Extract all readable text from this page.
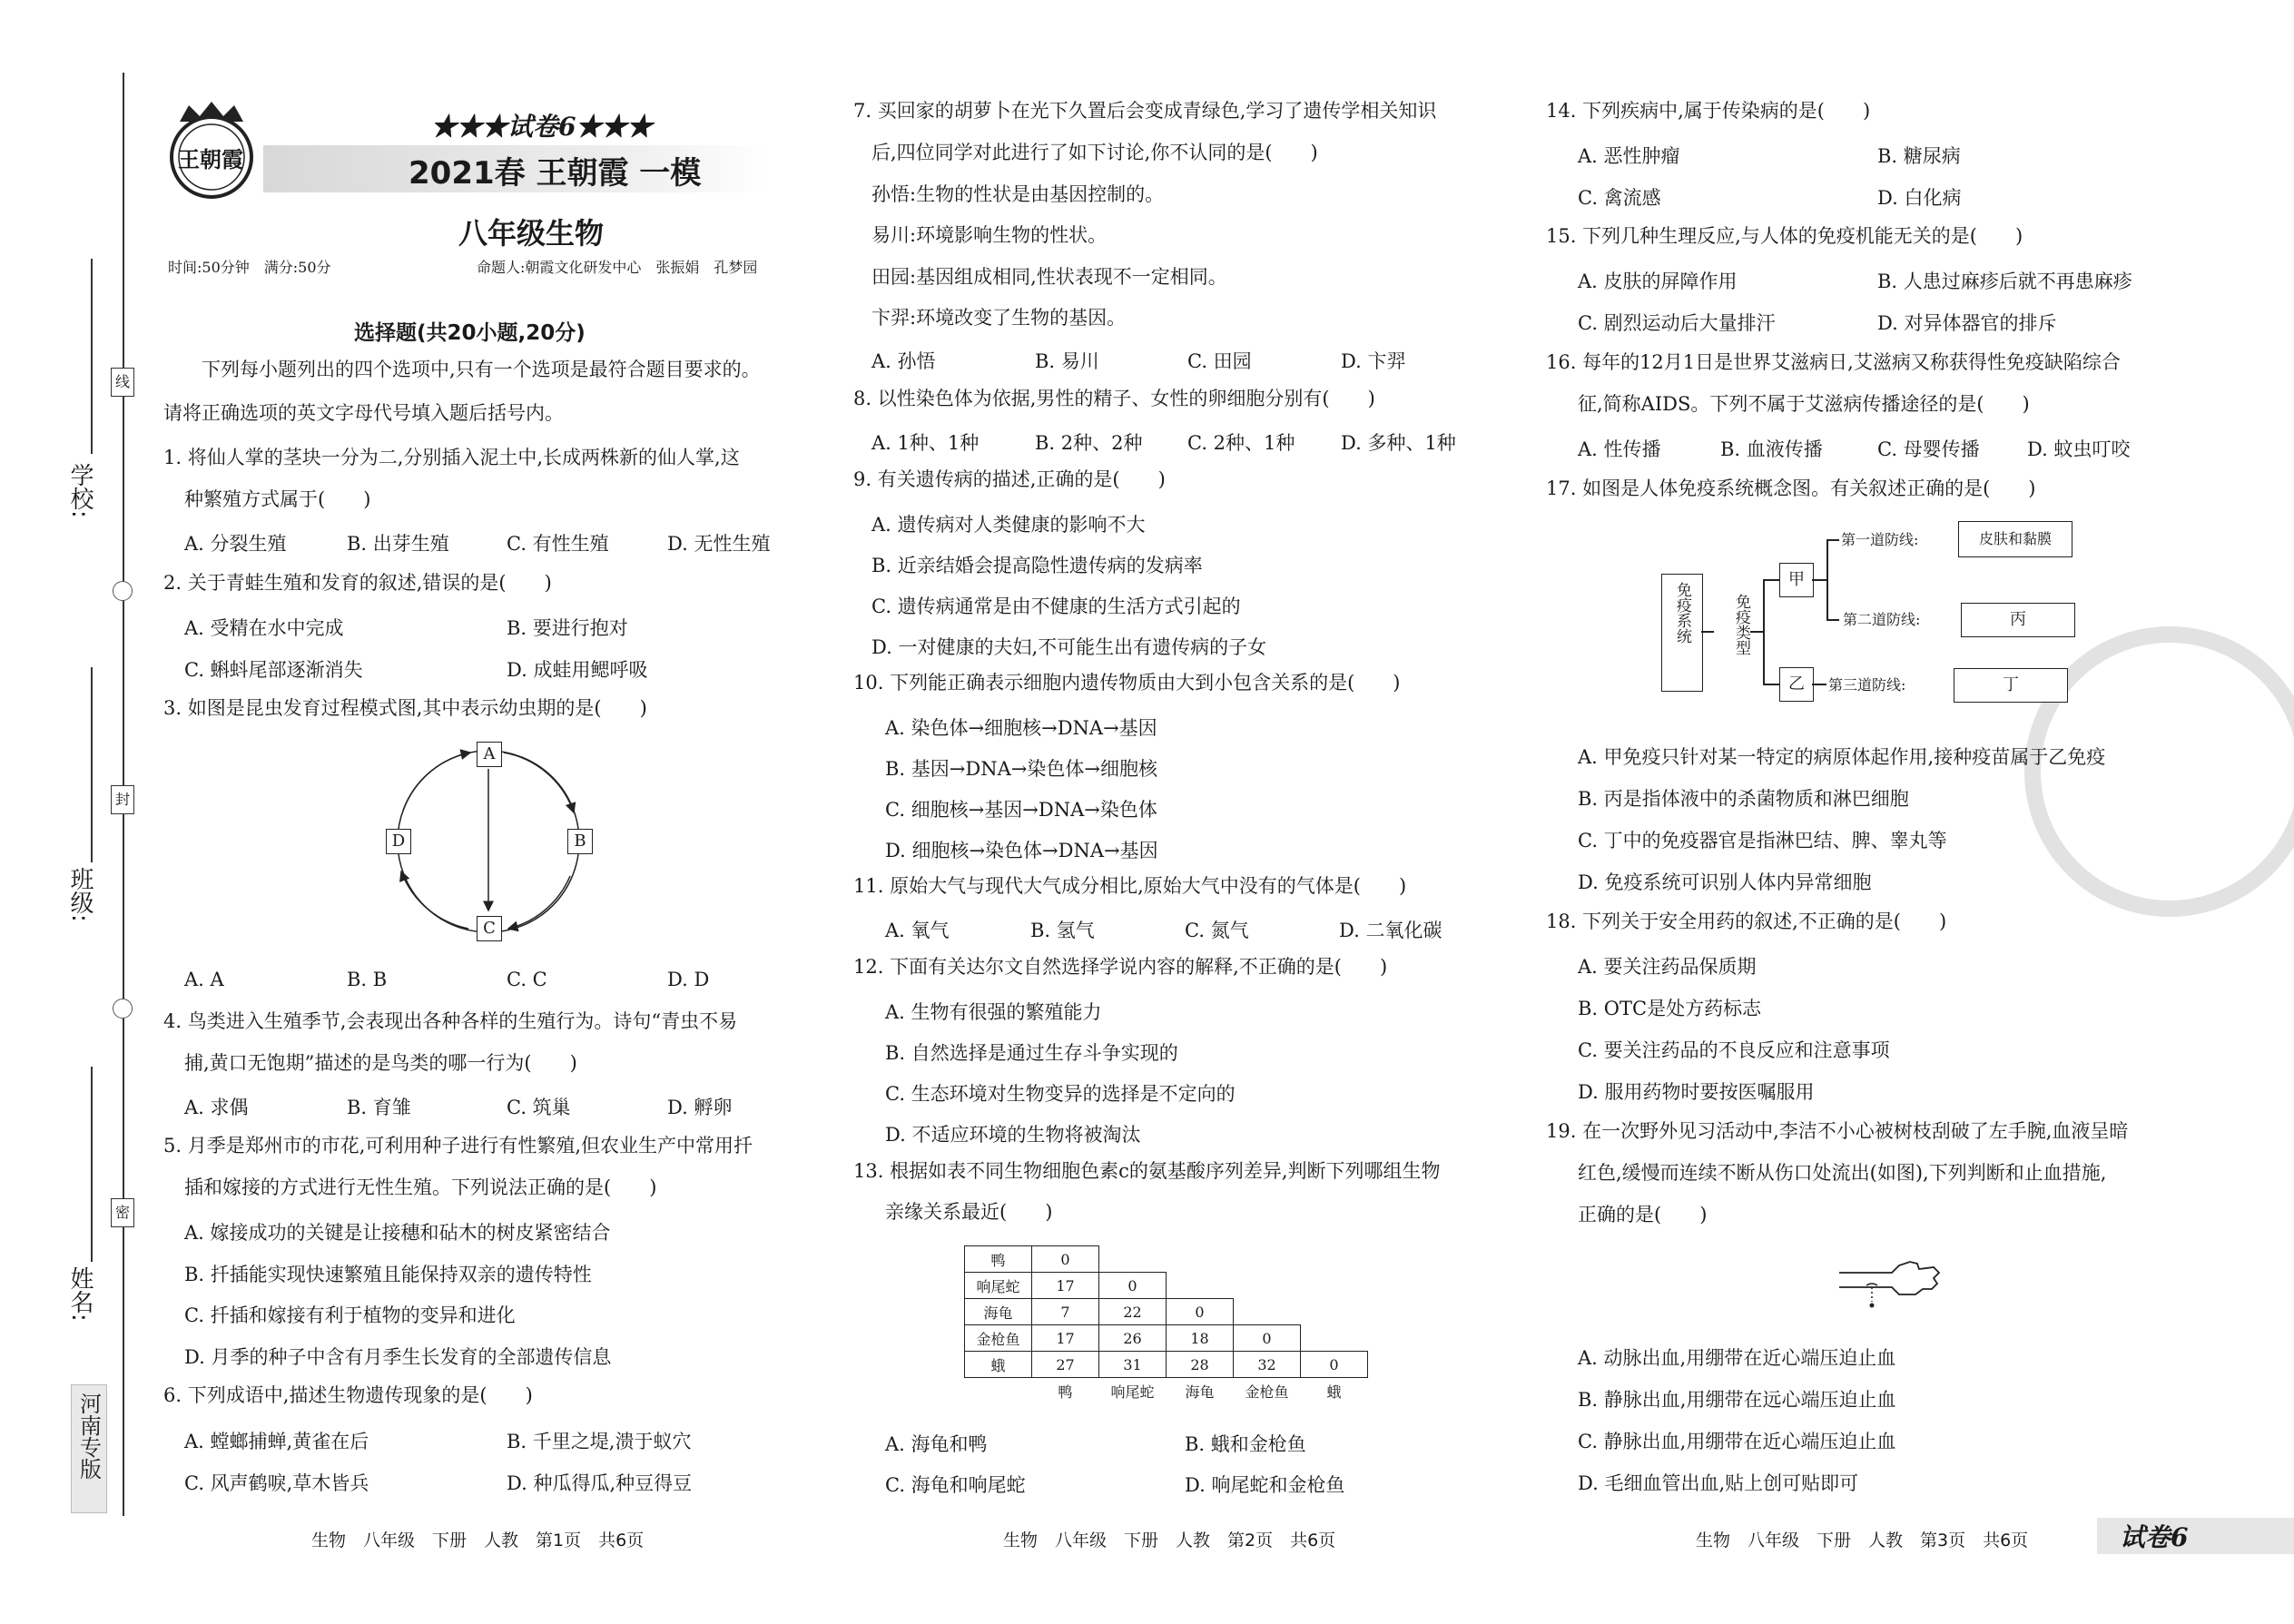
线
封
密
学校:
班级:
姓名:
河南专版
王朝霞
★★★试卷6★★★
2021春 王朝霞 一模
八年级生物
时间:50分钟　满分:50分	命题人:朝霞文化研发中心　张振娟　孔梦园
选择题(共20小题,20分)
　　下列每小题列出的四个选项中,只有一个选项是最符合题目要求的。
请将正确选项的英文字母代号填入题后括号内。
1. 将仙人掌的茎块一分为二,分别插入泥土中,长成两株新的仙人掌,这
种繁殖方式属于(　　)
A. 分裂生殖	B. 出芽生殖	C. 有性生殖	D. 无性生殖
2. 关于青蛙生殖和发育的叙述,错误的是(　　)
A. 受精在水中完成	B. 要进行抱对
C. 蝌蚪尾部逐渐消失	D. 成蛙用鳃呼吸
3. 如图是昆虫发育过程模式图,其中表示幼虫期的是(　　)
A
B
C
D
A. A	B. B	C. C	D. D
4. 鸟类进入生殖季节,会表现出各种各样的生殖行为。诗句“青虫不易
捕,黄口无饱期”描述的是鸟类的哪一行为(　　)
A. 求偶	B. 育雏	C. 筑巢	D. 孵卵
5. 月季是郑州市的市花,可利用种子进行有性繁殖,但农业生产中常用扦
插和嫁接的方式进行无性生殖。下列说法正确的是(　　)
A. 嫁接成功的关键是让接穗和砧木的树皮紧密结合
B. 扦插能实现快速繁殖且能保持双亲的遗传特性
C. 扦插和嫁接有利于植物的变异和进化
D. 月季的种子中含有月季生长发育的全部遗传信息
6. 下列成语中,描述生物遗传现象的是(　　)
A. 螳螂捕蝉,黄雀在后	B. 千里之堤,溃于蚁穴
C. 风声鹤唳,草木皆兵	D. 种瓜得瓜,种豆得豆
生物　八年级　下册　人教　第1页　共6页
7. 买回家的胡萝卜在光下久置后会变成青绿色,学习了遗传学相关知识
后,四位同学对此进行了如下讨论,你不认同的是(　　)
孙悟:生物的性状是由基因控制的。
易川:环境影响生物的性状。
田园:基因组成相同,性状表现不一定相同。
卞羿:环境改变了生物的基因。
A. 孙悟	B. 易川	C. 田园	D. 卞羿
8. 以性染色体为依据,男性的精子、女性的卵细胞分别有(　　)
A. 1种、1种	B. 2种、2种 C. 2种、1种 D. 多种、1种
9. 有关遗传病的描述,正确的是(　　)
A. 遗传病对人类健康的影响不大
B. 近亲结婚会提高隐性遗传病的发病率
C. 遗传病通常是由不健康的生活方式引起的
D. 一对健康的夫妇,不可能生出有遗传病的子女
10. 下列能正确表示细胞内遗传物质由大到小包含关系的是(　　)
A. 染色体→细胞核→DNA→基因
B. 基因→DNA→染色体→细胞核
C. 细胞核→基因→DNA→染色体
D. 细胞核→染色体→DNA→基因
11. 原始大气与现代大气成分相比,原始大气中没有的气体是(　　)
A. 氧气	B. 氢气	C. 氮气	D. 二氧化碳
12. 下面有关达尔文自然选择学说内容的解释,不正确的是(　　)
A. 生物有很强的繁殖能力
B. 自然选择是通过生存斗争实现的
C. 生态环境对生物变异的选择是不定向的
D. 不适应环境的生物将被淘汰
13. 根据如表不同生物细胞色素c的氨基酸序列差异,判断下列哪组生物
亲缘关系最近(　　)
鸭	0				
响尾蛇	17	0			
海龟	7	22	0		
金枪鱼	17	26	18	0	
蛾	27	31	28	32	0
	鸭	响尾蛇	海龟	金枪鱼	蛾
A. 海龟和鸭	B. 蛾和金枪鱼
C. 海龟和响尾蛇	D. 响尾蛇和金枪鱼
生物　八年级　下册　人教　第2页　共6页
14. 下列疾病中,属于传染病的是(　　)
A. 恶性肿瘤	B. 糖尿病
C. 禽流感	D. 白化病
15. 下列几种生理反应,与人体的免疫机能无关的是(　　)
A. 皮肤的屏障作用	B. 人患过麻疹后就不再患麻疹
C. 剧烈运动后大量排汗	D. 对异体器官的排斥
16. 每年的12月1日是世界艾滋病日,艾滋病又称获得性免疫缺陷综合
征,简称AIDS。下列不属于艾滋病传播途径的是(　　)
A. 性传播	B. 血液传播	C. 母婴传播 D. 蚊虫叮咬
17. 如图是人体免疫系统概念图。有关叙述正确的是(　　)
免疫系统	免疫类型
甲
乙
第一道防线:	皮肤和黏膜
第二道防线:	丙
第三道防线:	丁
A. 甲免疫只针对某一特定的病原体起作用,接种疫苗属于乙免疫
B. 丙是指体液中的杀菌物质和淋巴细胞
C. 丁中的免疫器官是指淋巴结、脾、睾丸等
D. 免疫系统可识别人体内异常细胞
18. 下列关于安全用药的叙述,不正确的是(　　)
A. 要关注药品保质期
B. OTC是处方药标志
C. 要关注药品的不良反应和注意事项
D. 服用药物时要按医嘱服用
19. 在一次野外见习活动中,李洁不小心被树枝刮破了左手腕,血液呈暗
红色,缓慢而连续不断从伤口处流出(如图),下列判断和止血措施,
正确的是(　　)
A. 动脉出血,用绷带在近心端压迫止血
B. 静脉出血,用绷带在远心端压迫止血
C. 静脉出血,用绷带在近心端压迫止血
D. 毛细血管出血,贴上创可贴即可
生物　八年级　下册　人教　第3页　共6页	试卷6
